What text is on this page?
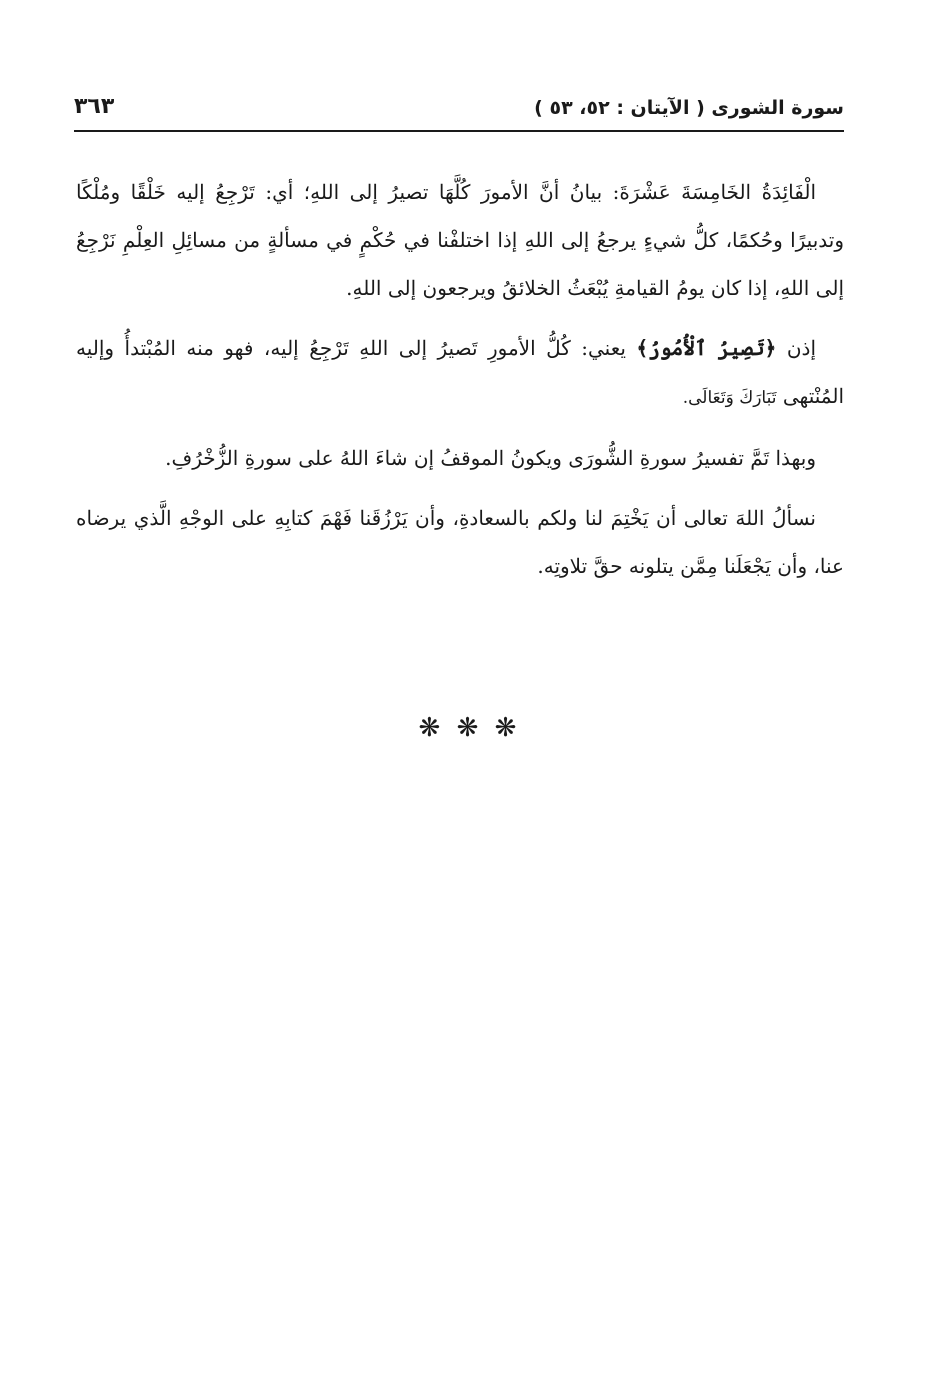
سورة الشورى ( الآيتان : ٥٢، ٥٣ )
٣٦٣

الْفَائِدَةُ الخَامِسَةَ عَشْرَةَ: بيانُ أنَّ الأمورَ كُلَّهَا تصيرُ إلى اللهِ؛ أي: تَرْجِعُ إليه خَلْقًا ومُلْكًا وتدبيرًا وحُكمًا، كلُّ شيءٍ يرجعُ إلى اللهِ إذا اختلفْنا في حُكْمٍ في مسألةٍ من مسائِلِ العِلْمِ نَرْجِعُ إلى اللهِ، إذا كان يومُ القيامةِ يُبْعَثُ الخلائقُ ويرجعون إلى اللهِ.

إذن ﴿تَصِيرُ ٱلْأُمُورُ﴾ يعني: كُلُّ الأمورِ تَصيرُ إلى اللهِ تَرْجِعُ إليه، فهو منه المُبْتدأُ وإليه المُنْتهى تَبَارَكَ وَتَعَالَى.

وبهذا تَمَّ تفسيرُ سورةِ الشُّورَى ويكونُ الموقفُ إن شاءَ اللهُ على سورةِ الزُّخْرُفِ.

نسألُ اللهَ تعالى أن يَخْتِمَ لنا ولكم بالسعادةِ، وأن يَرْزُقَنا فَهْمَ كتابِهِ على الوجْهِ الَّذي يرضاه عنا، وأن يَجْعَلَنا مِمَّن يتلونه حقَّ تلاوتِه.

❋ ❋ ❋
